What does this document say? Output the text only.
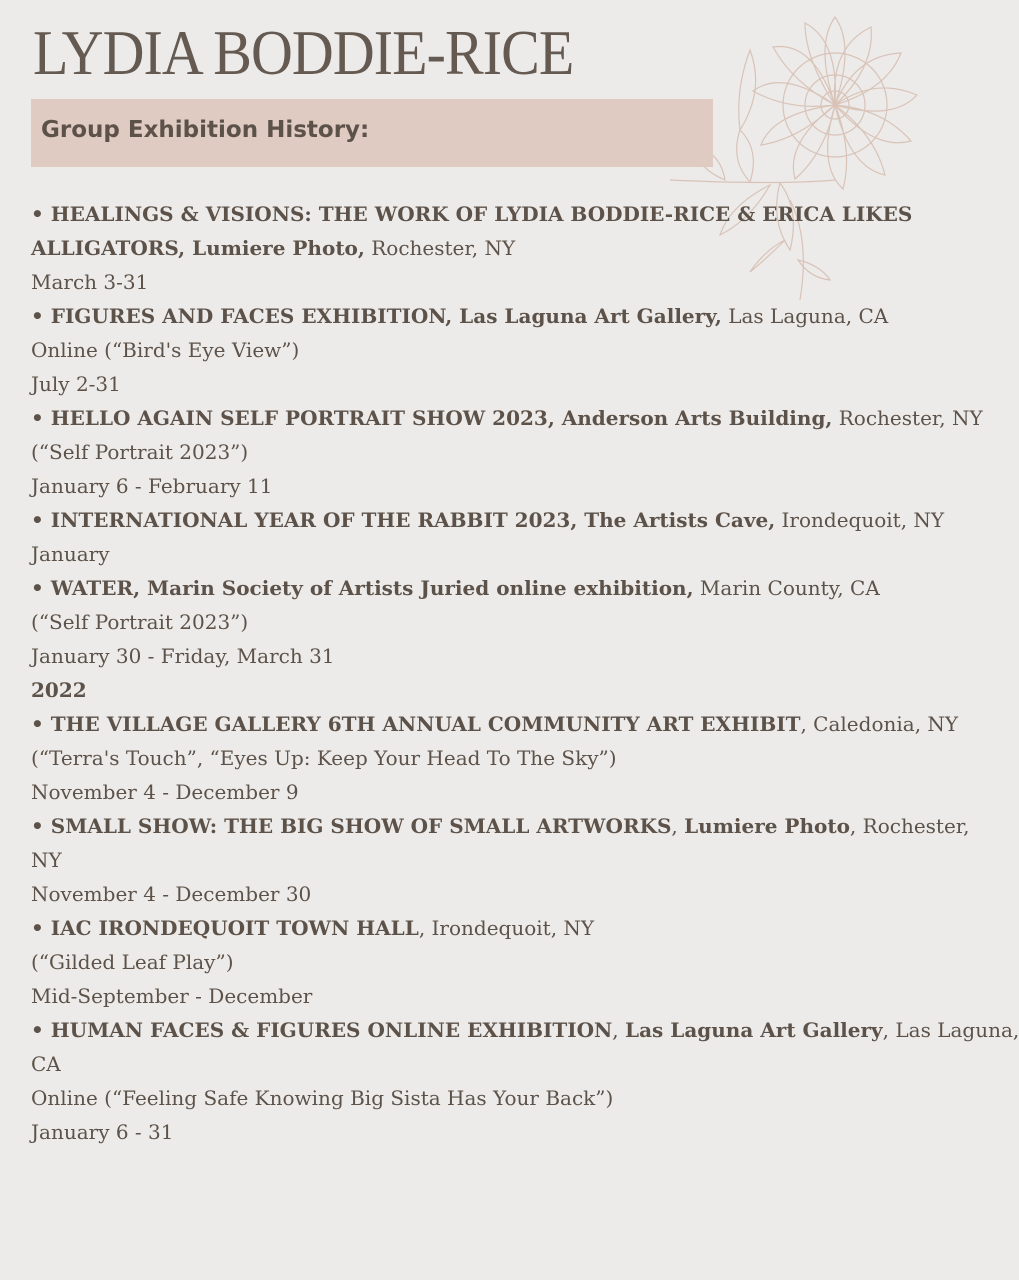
LYDIA BODDIE-RICE
Group Exhibition History:
• HEALINGS & VISIONS: THE WORK OF LYDIA BODDIE-RICE & ERICA LIKES
ALLIGATORS, Lumiere Photo, Rochester, NY
March 3-31
• FIGURES AND FACES EXHIBITION, Las Laguna Art Gallery, Las Laguna, CA
Online (“Bird's Eye View”)
July 2-31
• HELLO AGAIN SELF PORTRAIT SHOW 2023, Anderson Arts Building, Rochester, NY
(“Self Portrait 2023”)
January 6 - February 11
• INTERNATIONAL YEAR OF THE RABBIT 2023, The Artists Cave, Irondequoit, NY
January
• WATER, Marin Society of Artists Juried online exhibition, Marin County, CA
(“Self Portrait 2023”)
January 30 - Friday, March 31
2022
• THE VILLAGE GALLERY 6TH ANNUAL COMMUNITY ART EXHIBIT, Caledonia, NY
(“Terra's Touch”, “Eyes Up: Keep Your Head To The Sky”)
November 4 - December 9
• SMALL SHOW: THE BIG SHOW OF SMALL ARTWORKS, Lumiere Photo, Rochester,
NY
November 4 - December 30
• IAC IRONDEQUOIT TOWN HALL, Irondequoit, NY
(“Gilded Leaf Play”)
Mid-September - December
• HUMAN FACES & FIGURES ONLINE EXHIBITION, Las Laguna Art Gallery, Las Laguna,
CA
Online (“Feeling Safe Knowing Big Sista Has Your Back”)
January 6 - 31
